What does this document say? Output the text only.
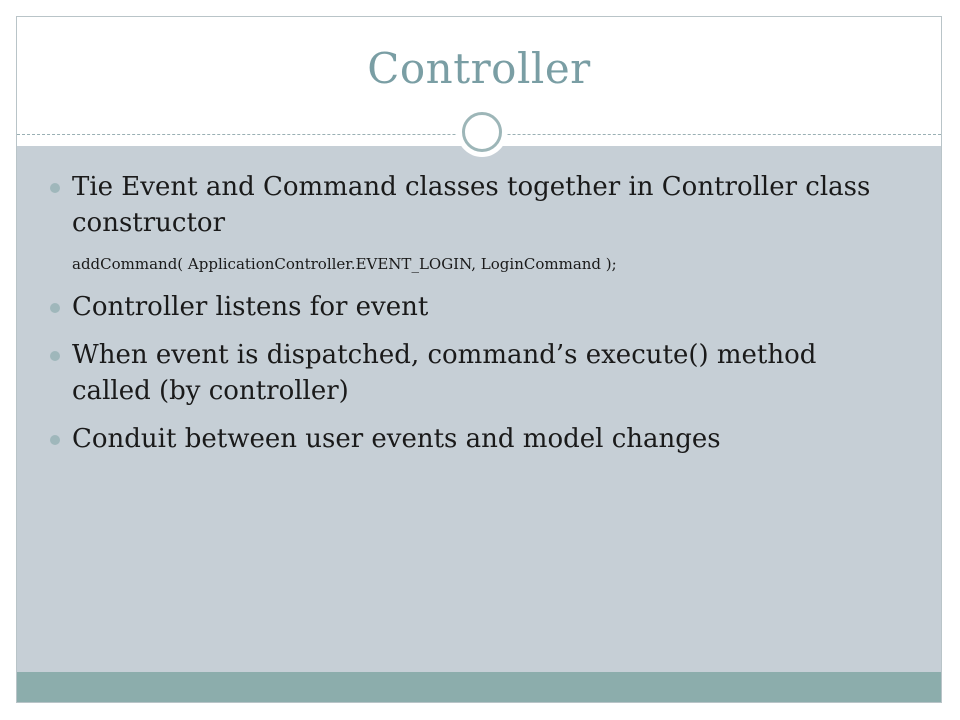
Controller
Tie Event and Command classes together in Controller class constructor
addCommand( ApplicationController.EVENT_LOGIN, LoginCommand );
Controller listens for event
When event is dispatched, command’s execute() method called (by controller)
Conduit between user events and model changes
